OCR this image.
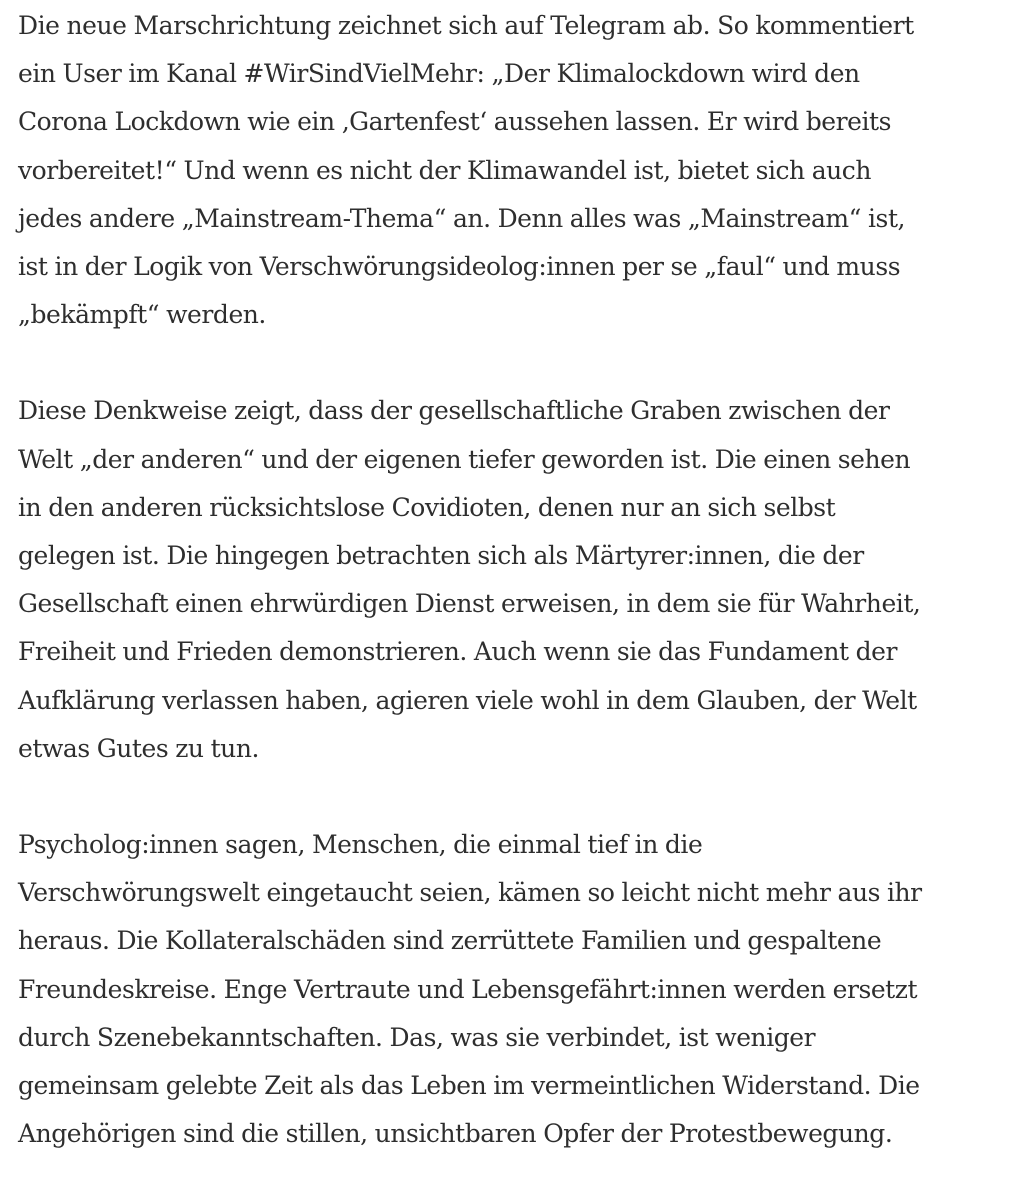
Die neue Marschrichtung zeichnet sich auf Telegram ab. So kommentiert
ein User im Kanal #WirSindVielMehr: „Der Klimalockdown wird den
Corona Lockdown wie ein ‚Gartenfest‘ aussehen lassen. Er wird bereits
vorbereitet!“ Und wenn es nicht der Klimawandel ist, bietet sich auch
jedes andere „Mainstream-Thema“ an. Denn alles was „Mainstream“ ist,
ist in der Logik von Verschwörungsideolog:innen per se „faul“ und muss
„bekämpft“ werden.

Diese Denkweise zeigt, dass der gesellschaftliche Graben zwischen der
Welt „der anderen“ und der eigenen tiefer geworden ist. Die einen sehen
in den anderen rücksichtslose Covidioten, denen nur an sich selbst
gelegen ist. Die hingegen betrachten sich als Märtyrer:innen, die der
Gesellschaft einen ehrwürdigen Dienst erweisen, in dem sie für Wahrheit,
Freiheit und Frieden demonstrieren. Auch wenn sie das Fundament der
Aufklärung verlassen haben, agieren viele wohl in dem Glauben, der Welt
etwas Gutes zu tun.

Psycholog:innen sagen, Menschen, die einmal tief in die
Verschwörungswelt eingetaucht seien, kämen so leicht nicht mehr aus ihr
heraus. Die Kollateralschäden sind zerrüttete Familien und gespaltene
Freundeskreise. Enge Vertraute und Lebensgefährt:innen werden ersetzt
durch Szenebekanntschaften. Das, was sie verbindet, ist weniger
gemeinsam gelebte Zeit als das Leben im vermeintlichen Widerstand. Die
Angehörigen sind die stillen, unsichtbaren Opfer der Protestbewegung.
